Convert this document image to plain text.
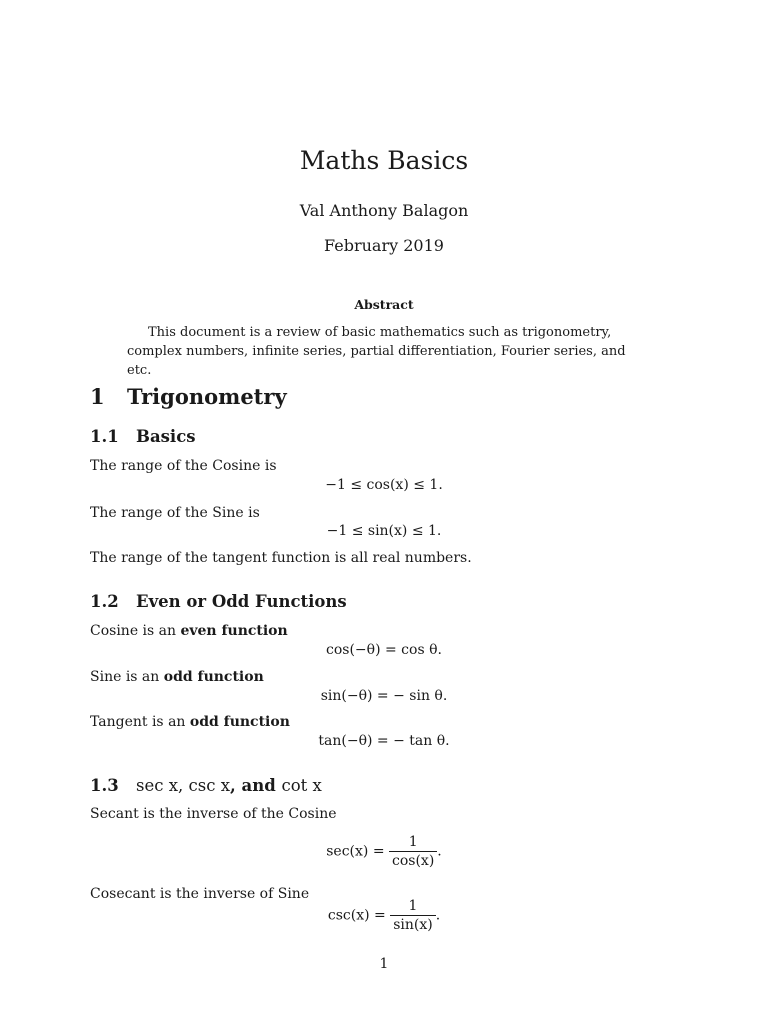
Maths Basics
Val Anthony Balagon
February 2019
Abstract
This document is a review of basic mathematics such as trigonometry, complex numbers, infinite series, partial differentiation, Fourier series, and etc.
1 Trigonometry
1.1 Basics
The range of the Cosine is
−1 ≤ cos(x) ≤ 1.
The range of the Sine is
−1 ≤ sin(x) ≤ 1.
The range of the tangent function is all real numbers.
1.2 Even or Odd Functions
Cosine is an even function
cos(−θ) = cos θ.
Sine is an odd function
sin(−θ) = − sin θ.
Tangent is an odd function
tan(−θ) = − tan θ.
1.3 sec x, csc x, and cot x
Secant is the inverse of the Cosine
$\sec(x) = \frac{1}{\cos(x)}$ .
Cosecant is the inverse of Sine
$\csc(x) = \frac{1}{\sin(x)}$ .
1
